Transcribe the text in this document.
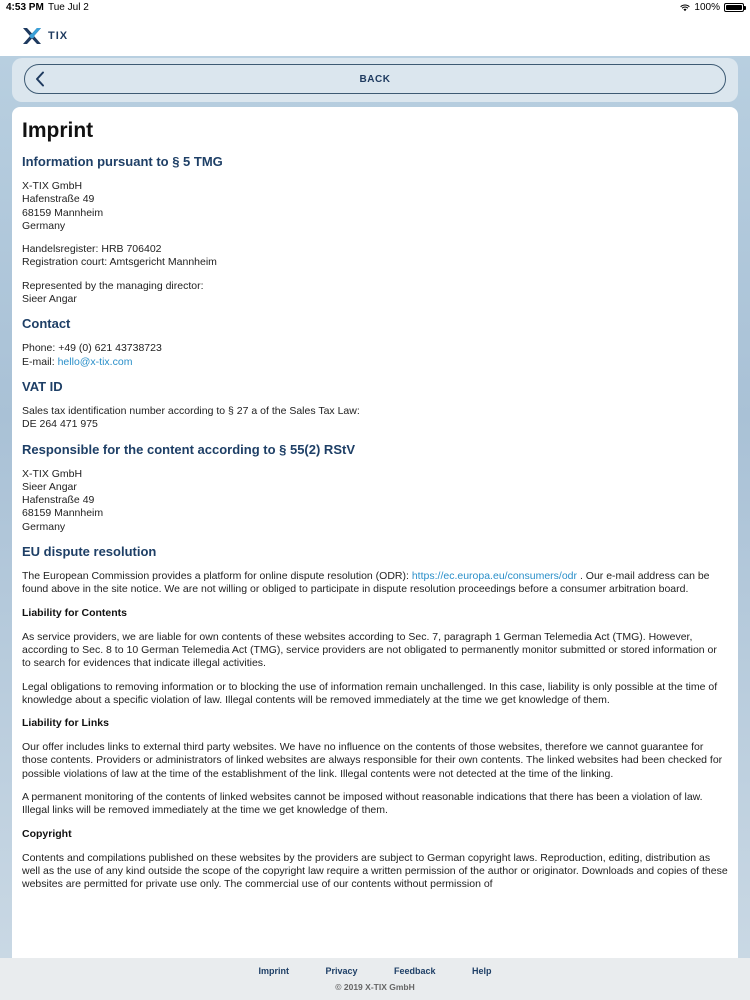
4:53 PM Tue Jul 2	100%
TIX
BACK
Imprint
Information pursuant to § 5 TMG

X-TIX GmbH
Hafenstraße 49
68159 Mannheim
Germany

Handelsregister: HRB 706402
Registration court: Amtsgericht Mannheim

Represented by the managing director:
Sieer Angar

Contact

Phone: +49 (0) 621 43738723
E-mail: hello@x-tix.com

VAT ID

Sales tax identification number according to § 27 a of the Sales Tax Law:
DE 264 471 975

Responsible for the content according to § 55(2) RStV

X-TIX GmbH
Sieer Angar
Hafenstraße 49
68159 Mannheim
Germany

EU dispute resolution

The European Commission provides a platform for online dispute resolution (ODR): https://ec.europa.eu/consumers/odr . Our e-mail address can be found above in the site notice. We are not willing or obliged to participate in dispute resolution proceedings before a consumer arbitration board.

Liability for Contents

As service providers, we are liable for own contents of these websites according to Sec. 7, paragraph 1 German Telemedia Act (TMG). However, according to Sec. 8 to 10 German Telemedia Act (TMG), service providers are not obligated to permanently monitor submitted or stored information or to search for evidences that indicate illegal activities.

Legal obligations to removing information or to blocking the use of information remain unchallenged. In this case, liability is only possible at the time of knowledge about a specific violation of law. Illegal contents will be removed immediately at the time we get knowledge of them.

Liability for Links

Our offer includes links to external third party websites. We have no influence on the contents of those websites, therefore we cannot guarantee for those contents. Providers or administrators of linked websites are always responsible for their own contents. The linked websites had been checked for possible violations of law at the time of the establishment of the link. Illegal contents were not detected at the time of the linking.

A permanent monitoring of the contents of linked websites cannot be imposed without reasonable indications that there has been a violation of law. Illegal links will be removed immediately at the time we get knowledge of them.

Copyright

Contents and compilations published on these websites by the providers are subject to German copyright laws. Reproduction, editing, distribution as well as the use of any kind outside the scope of the copyright law require a written permission of the author or originator. Downloads and copies of these websites are permitted for private use only. The commercial use of our contents without permission of

Imprint	Privacy	Feedback	Help
© 2019 X-TIX GmbH
